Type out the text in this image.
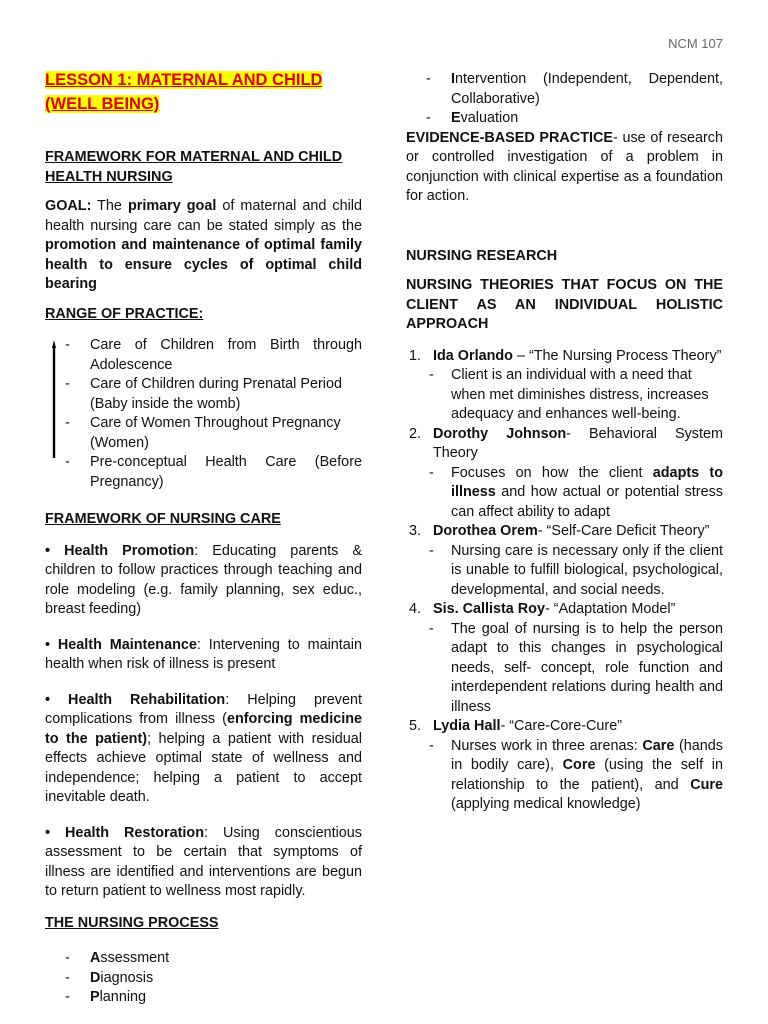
NCM 107
LESSON 1: MATERNAL AND CHILD (WELL BEING)

FRAMEWORK FOR MATERNAL AND CHILD HEALTH NURSING

GOAL: The primary goal of maternal and child health nursing care can be stated simply as the promotion and maintenance of optimal family health to ensure cycles of optimal child bearing

RANGE OF PRACTICE:

- Care of Children from Birth through Adolescence
- Care of Children during Prenatal Period (Baby inside the womb)
- Care of Women Throughout Pregnancy (Women)
- Pre-conceptual Health Care (Before Pregnancy)

FRAMEWORK OF NURSING CARE

• Health Promotion: Educating parents & children to follow practices through teaching and role modeling (e.g. family planning, sex educ., breast feeding)

• Health Maintenance: Intervening to maintain health when risk of illness is present

• Health Rehabilitation: Helping prevent complications from illness (enforcing medicine to the patient); helping a patient with residual effects achieve optimal state of wellness and independence; helping a patient to accept inevitable death.

• Health Restoration: Using conscientious assessment to be certain that symptoms of illness are identified and interventions are begun to return patient to wellness most rapidly.

THE NURSING PROCESS

- Assessment
- Diagnosis
- Planning
- Intervention (Independent, Dependent, Collaborative)
- Evaluation

EVIDENCE-BASED PRACTICE- use of research or controlled investigation of a problem in conjunction with clinical expertise as a foundation for action.

NURSING RESEARCH

NURSING THEORIES THAT FOCUS ON THE CLIENT AS AN INDIVIDUAL HOLISTIC APPROACH

1. Ida Orlando – “The Nursing Process Theory”
- Client is an individual with a need that when met diminishes distress, increases adequacy and enhances well-being.
2. Dorothy Johnson- Behavioral System Theory
- Focuses on how the client adapts to illness and how actual or potential stress can affect ability to adapt
3. Dorothea Orem- “Self-Care Deficit Theory”
- Nursing care is necessary only if the client is unable to fulfill biological, psychological, developmental, and social needs.
4. Sis. Callista Roy- “Adaptation Model”
- The goal of nursing is to help the person adapt to this changes in psychological needs, self- concept, role function and interdependent relations during health and illness
5. Lydia Hall- “Care-Core-Cure”
- Nurses work in three arenas: Care (hands in bodily care), Core (using the self in relationship to the patient), and Cure (applying medical knowledge)
